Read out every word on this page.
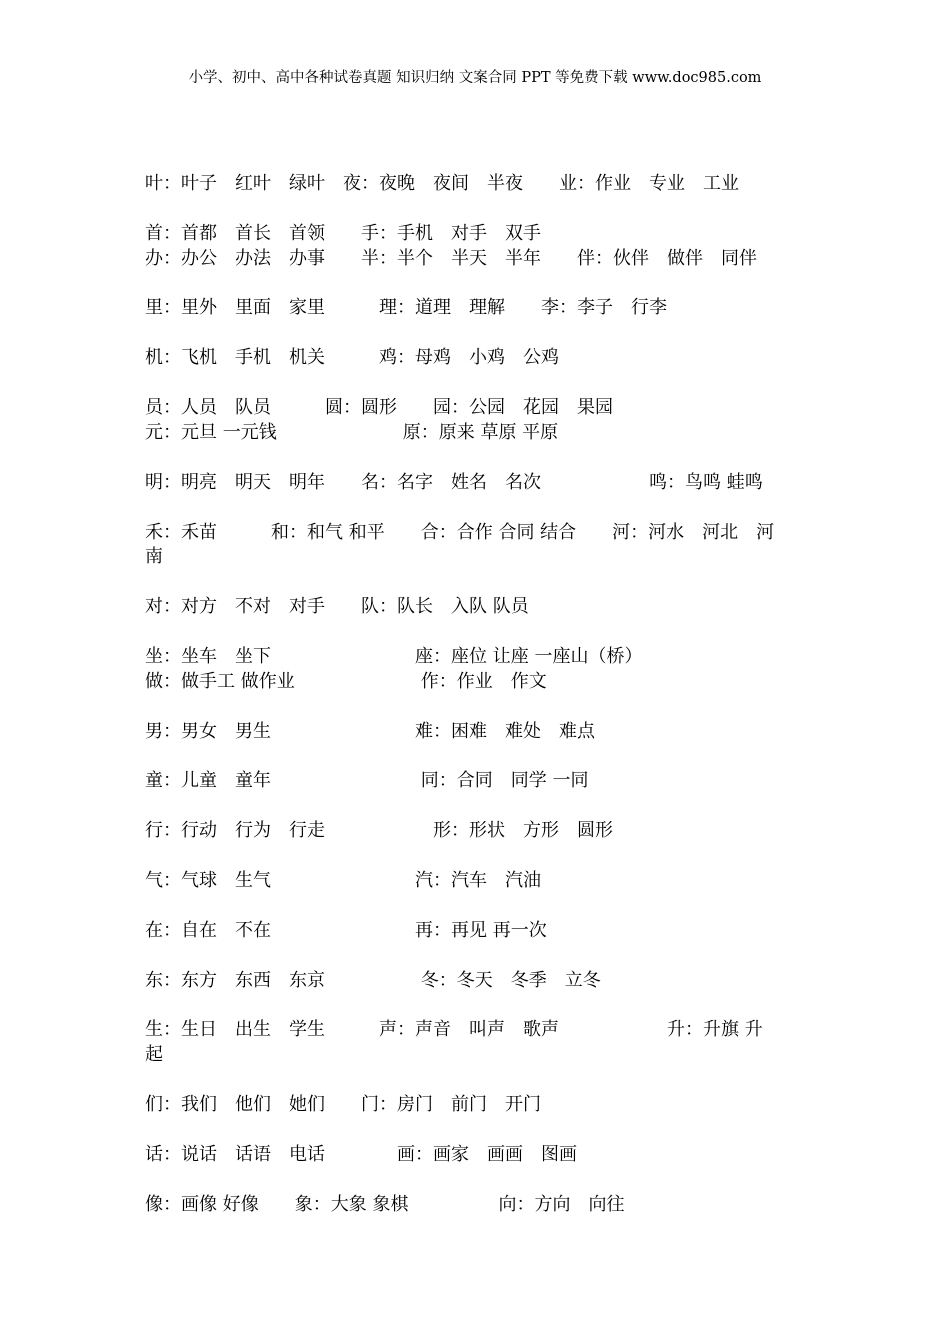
小学、初中、高中各种试卷真题 知识归纳 文案合同 PPT 等免费下载 www.doc985.com
叶：叶子　红叶　绿叶　夜：夜晚　夜间　半夜　　业：作业　专业　工业
首：首都　首长　首领　　手：手机　对手　双手
办：办公　办法　办事　　半：半个　半天　半年　　伴：伙伴　做伴　同伴
里：里外　里面　家里　　　理：道理　理解　　李：李子　行李
机：飞机　手机　机关　　　鸡：母鸡　小鸡　公鸡
员：人员　队员　　　圆：圆形　　园：公园　花园　果园
元：元旦 一元钱　　　　　　　原：原来 草原 平原
明：明亮　明天　明年　　名：名字　姓名　名次　　　　　　鸣：鸟鸣 蛙鸣
禾：禾苗　　　和：和气 和平　　合：合作 合同 结合　　河：河水　河北　河
南
对：对方　不对　对手　　队：队长　入队 队员
坐：坐车　坐下　　　　　　　　座：座位 让座 一座山（桥）
做：做手工 做作业　　　　　　　作：作业　作文
男：男女　男生　　　　　　　　难：困难　难处　难点
童：儿童　童年　　　　　　　　 同：合同　同学 一同
行：行动　行为　行走　　　　　　形：形状　方形　圆形
气：气球　生气　　　　　　　　汽：汽车　汽油
在：自在　不在　　　　　　　　再：再见 再一次
东：东方　东西　东京　　　　　 冬：冬天　冬季　立冬
生：生日　出生　学生　　　声：声音　叫声　歌声　　　　　　升：升旗 升
起
们：我们　他们　她们　　门：房门　前门　开门
话：说话　话语　电话　　　　画：画家　画画　图画
像：画像 好像　　象：大象 象棋　　　　　向：方向　向往
